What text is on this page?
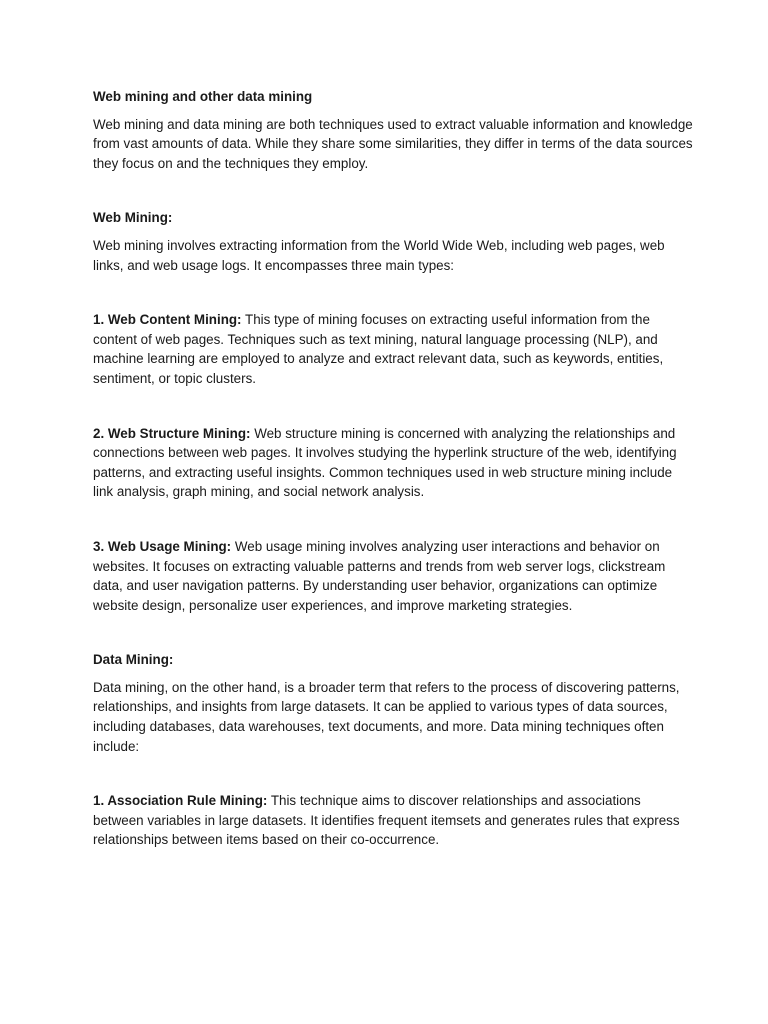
Web mining and other data mining

Web mining and data mining are both techniques used to extract valuable information and knowledge from vast amounts of data. While they share some similarities, they differ in terms of the data sources they focus on and the techniques they employ.

Web Mining:

Web mining involves extracting information from the World Wide Web, including web pages, web links, and web usage logs. It encompasses three main types:

1. Web Content Mining: This type of mining focuses on extracting useful information from the content of web pages. Techniques such as text mining, natural language processing (NLP), and machine learning are employed to analyze and extract relevant data, such as keywords, entities, sentiment, or topic clusters.

2. Web Structure Mining: Web structure mining is concerned with analyzing the relationships and connections between web pages. It involves studying the hyperlink structure of the web, identifying patterns, and extracting useful insights. Common techniques used in web structure mining include link analysis, graph mining, and social network analysis.

3. Web Usage Mining: Web usage mining involves analyzing user interactions and behavior on websites. It focuses on extracting valuable patterns and trends from web server logs, clickstream data, and user navigation patterns. By understanding user behavior, organizations can optimize website design, personalize user experiences, and improve marketing strategies.

Data Mining:

Data mining, on the other hand, is a broader term that refers to the process of discovering patterns, relationships, and insights from large datasets. It can be applied to various types of data sources, including databases, data warehouses, text documents, and more. Data mining techniques often include:

1. Association Rule Mining: This technique aims to discover relationships and associations between variables in large datasets. It identifies frequent itemsets and generates rules that express relationships between items based on their co-occurrence.
